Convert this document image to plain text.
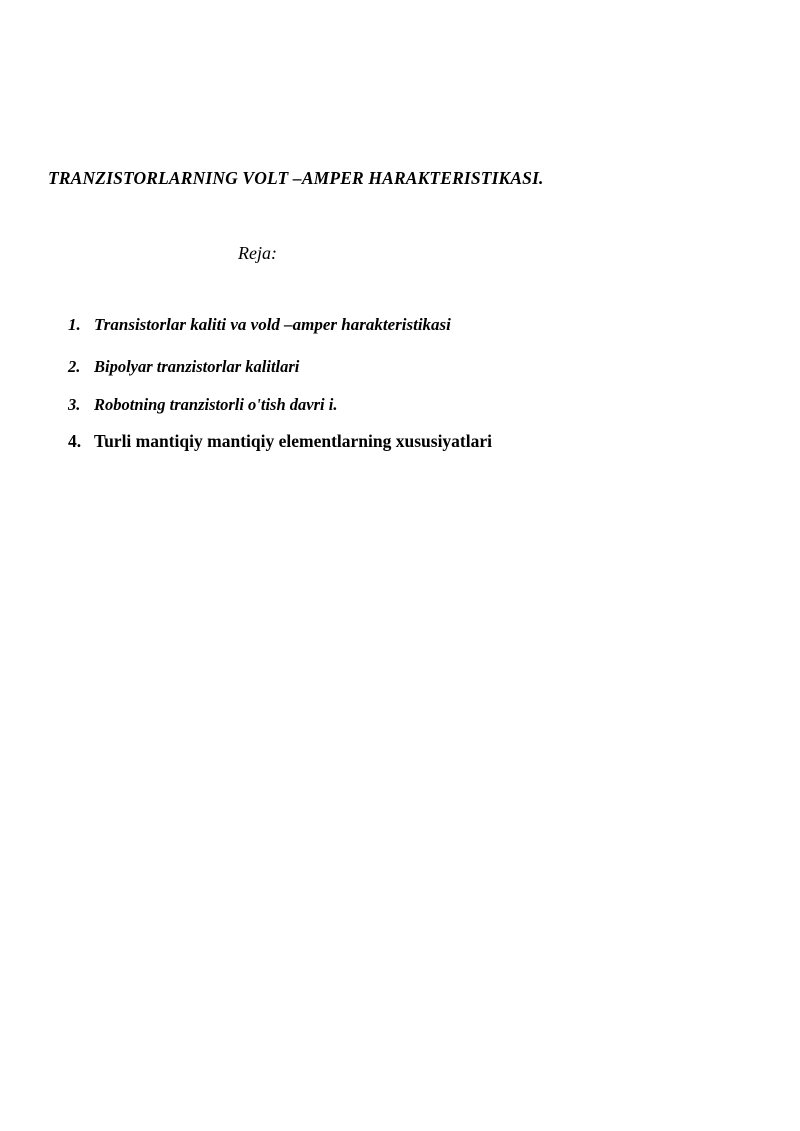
TRANZISTORLARNING VOLT –AMPER HARAKTERISTIKASI.
Reja:
1. Transistorlar kaliti va vold –amper harakteristikasi
2. Bipolyar tranzistorlar kalitlari
3. Robotning tranzistorli o'tish davri i.
4. Turli mantiqiy mantiqiy elementlarning xususiyatlari
